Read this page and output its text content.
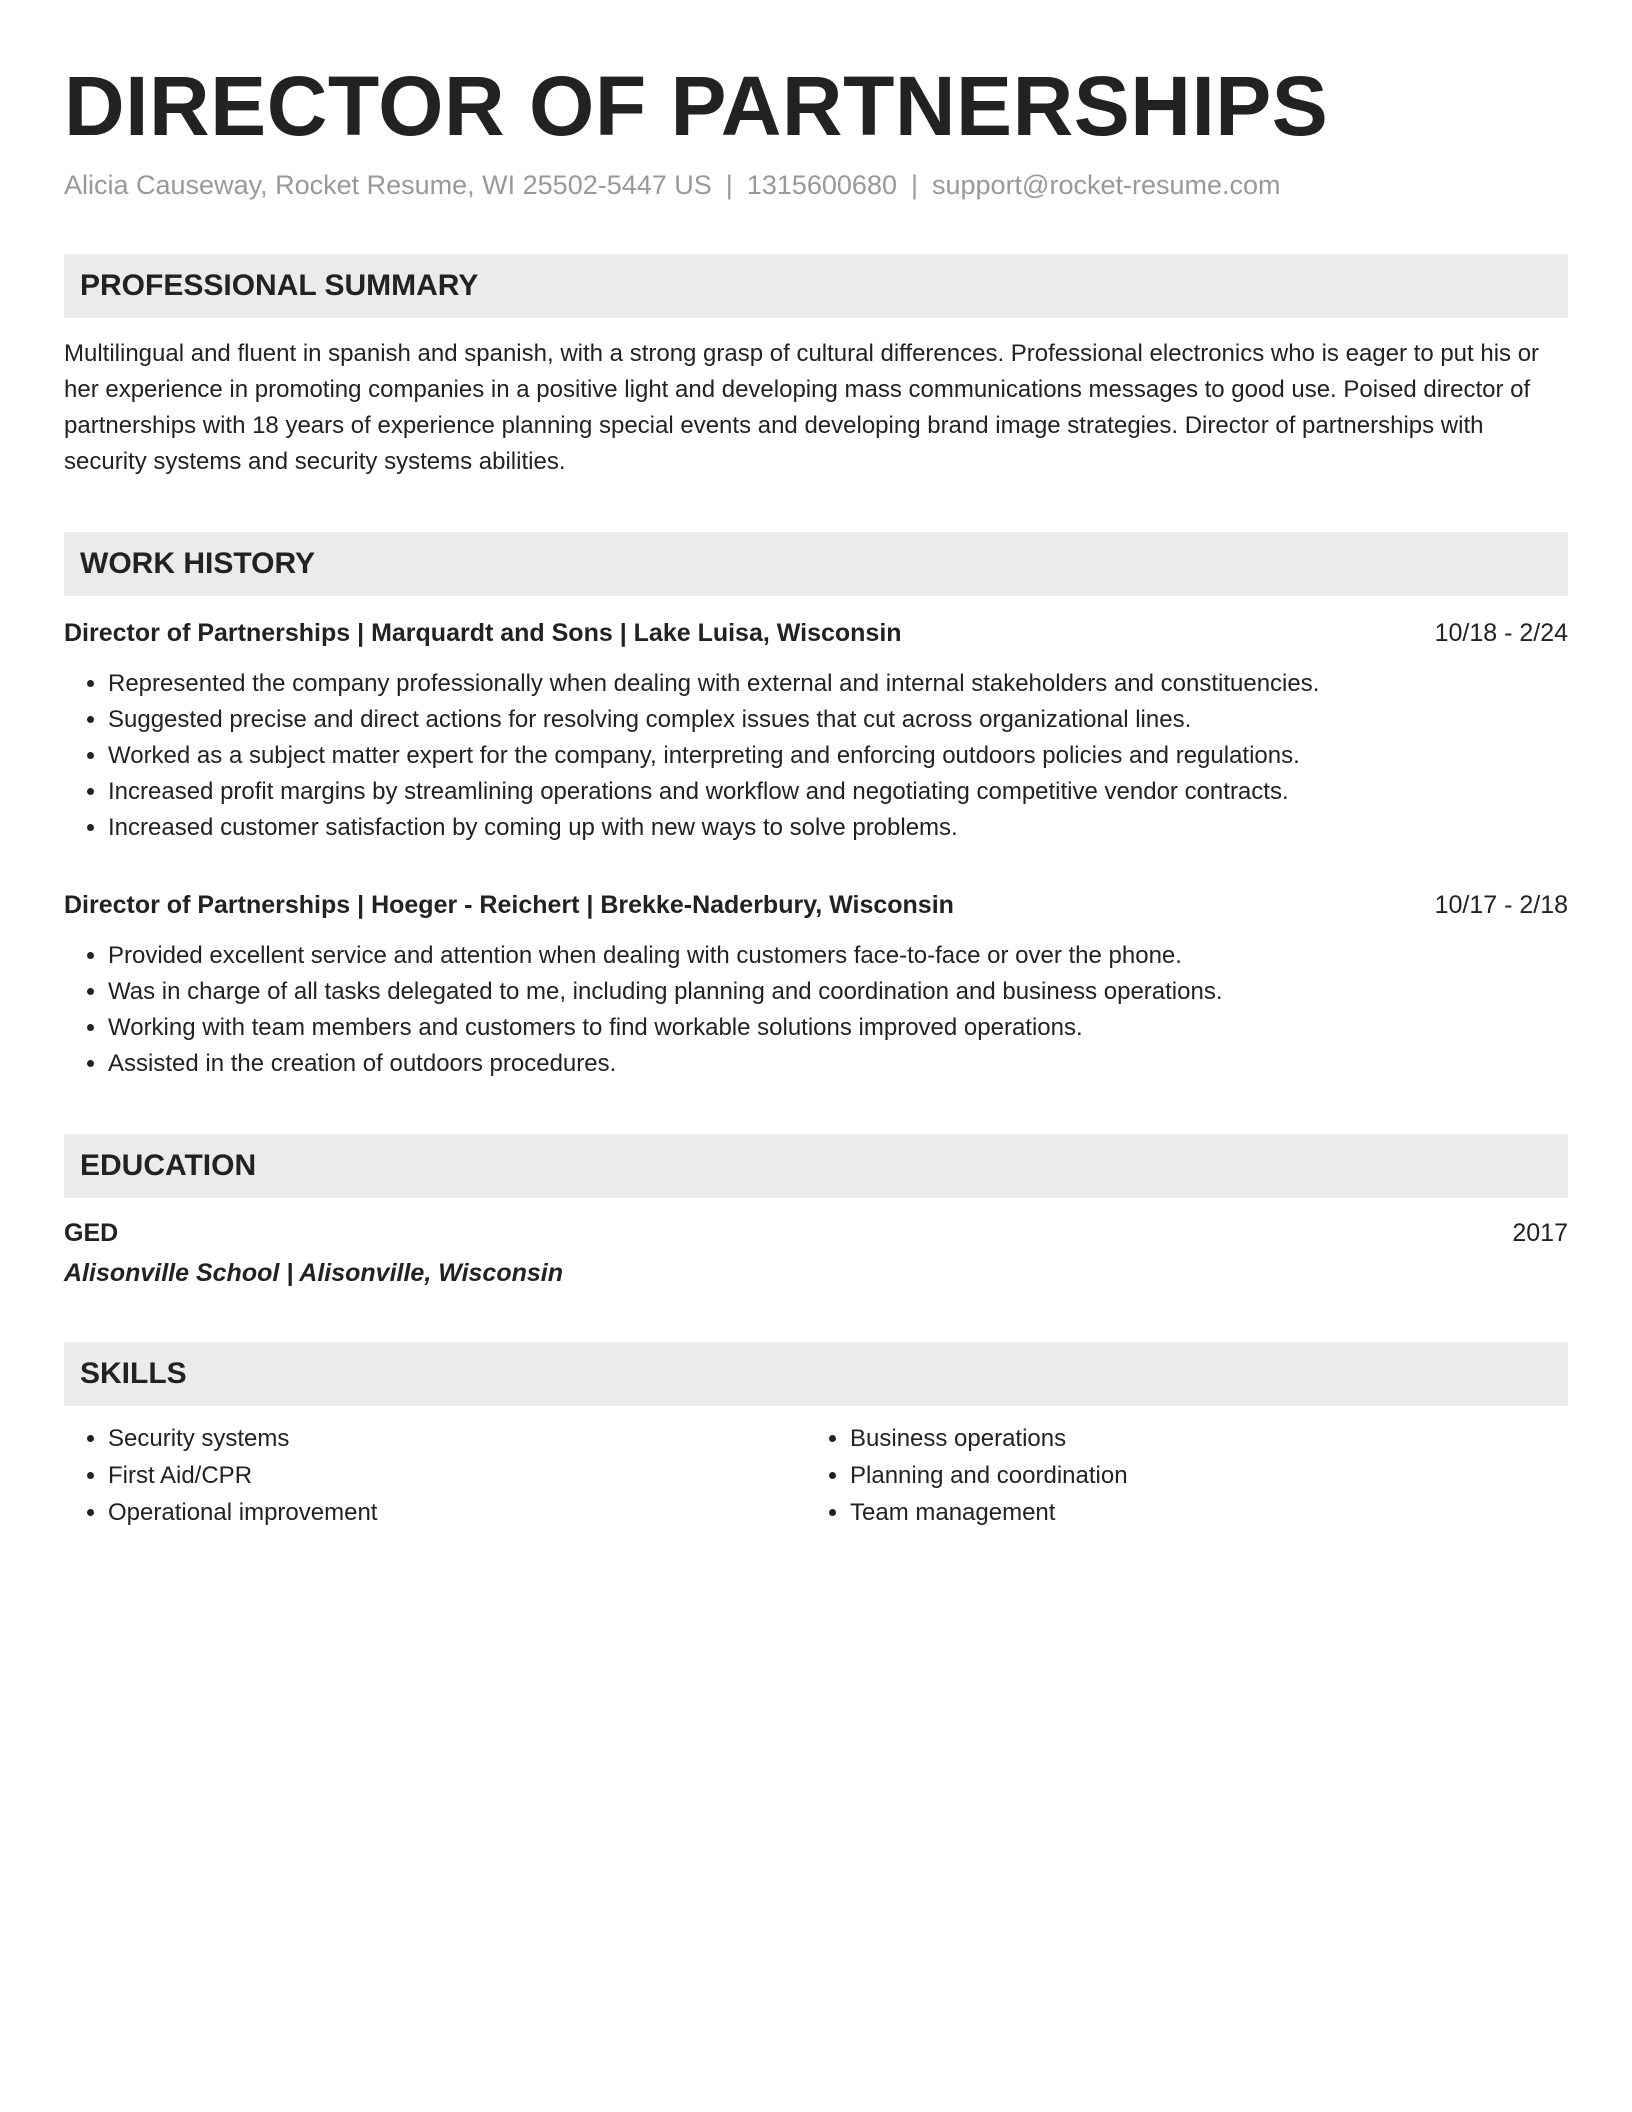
DIRECTOR OF PARTNERSHIPS
Alicia Causeway, Rocket Resume, WI 25502-5447 US | 1315600680 | support@rocket-resume.com
PROFESSIONAL SUMMARY
Multilingual and fluent in spanish and spanish, with a strong grasp of cultural differences. Professional electronics who is eager to put his or her experience in promoting companies in a positive light and developing mass communications messages to good use. Poised director of partnerships with 18 years of experience planning special events and developing brand image strategies. Director of partnerships with security systems and security systems abilities.
WORK HISTORY
Director of Partnerships | Marquardt and Sons | Lake Luisa, Wisconsin	10/18 - 2/24
• Represented the company professionally when dealing with external and internal stakeholders and constituencies.
• Suggested precise and direct actions for resolving complex issues that cut across organizational lines.
• Worked as a subject matter expert for the company, interpreting and enforcing outdoors policies and regulations.
• Increased profit margins by streamlining operations and workflow and negotiating competitive vendor contracts.
• Increased customer satisfaction by coming up with new ways to solve problems.
Director of Partnerships | Hoeger - Reichert | Brekke-Naderbury, Wisconsin	10/17 - 2/18
• Provided excellent service and attention when dealing with customers face-to-face or over the phone.
• Was in charge of all tasks delegated to me, including planning and coordination and business operations.
• Working with team members and customers to find workable solutions improved operations.
• Assisted in the creation of outdoors procedures.
EDUCATION
GED	2017
Alisonville School | Alisonville, Wisconsin
SKILLS
• Security systems
• First Aid/CPR
• Operational improvement
• Business operations
• Planning and coordination
• Team management
